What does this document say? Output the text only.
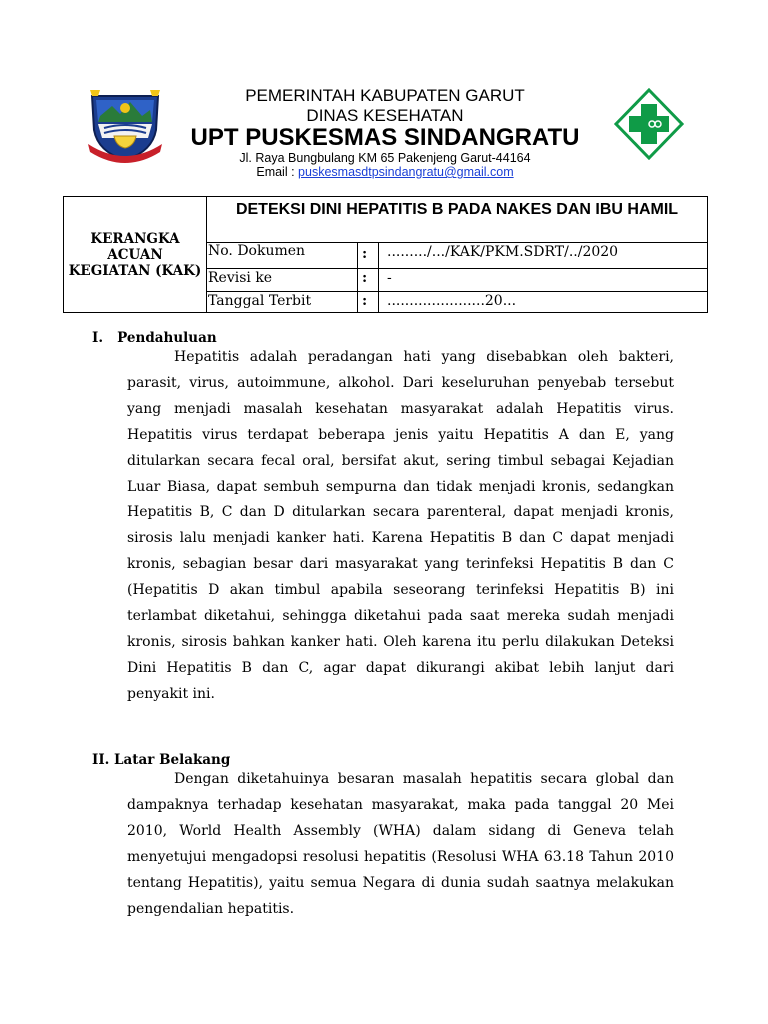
PEMERINTAH KABUPATEN GARUT
DINAS KESEHATAN
UPT PUSKESMAS SINDANGRATU
Jl. Raya Bungbulang KM 65 Pakenjeng Garut-44164
Email : puskesmasdtpsindangratu@gmail.com
KERANGKA
ACUAN
KEGIATAN (KAK)
DETEKSI DINI HEPATITIS B PADA NAKES DAN IBU HAMIL
No. Dokumen	:	........./.../KAK/PKM.SDRT/../2020
Revisi ke	:	-
Tanggal Terbit	:	......................20...
I. Pendahuluan
Hepatitis adalah peradangan hati yang disebabkan oleh bakteri, parasit, virus, autoimmune, alkohol. Dari keseluruhan penyebab tersebut yang menjadi masalah kesehatan masyarakat adalah Hepatitis virus. Hepatitis virus terdapat beberapa jenis yaitu Hepatitis A dan E, yang ditularkan secara fecal oral, bersifat akut, sering timbul sebagai Kejadian Luar Biasa, dapat sembuh sempurna dan tidak menjadi kronis, sedangkan Hepatitis B, C dan D ditularkan secara parenteral, dapat menjadi kronis, sirosis lalu menjadi kanker hati. Karena Hepatitis B dan C dapat menjadi kronis, sebagian besar dari masyarakat yang terinfeksi Hepatitis B dan C (Hepatitis D akan timbul apabila seseorang terinfeksi Hepatitis B) ini terlambat diketahui, sehingga diketahui pada saat mereka sudah menjadi kronis, sirosis bahkan kanker hati. Oleh karena itu perlu dilakukan Deteksi Dini Hepatitis B dan C, agar dapat dikurangi akibat lebih lanjut dari penyakit ini.
II. Latar Belakang
Dengan diketahuinya besaran masalah hepatitis secara global dan dampaknya terhadap kesehatan masyarakat, maka pada tanggal 20 Mei 2010, World Health Assembly (WHA) dalam sidang di Geneva telah menyetujui mengadopsi resolusi hepatitis (Resolusi WHA 63.18 Tahun 2010 tentang Hepatitis), yaitu semua Negara di dunia sudah saatnya melakukan pengendalian hepatitis.
